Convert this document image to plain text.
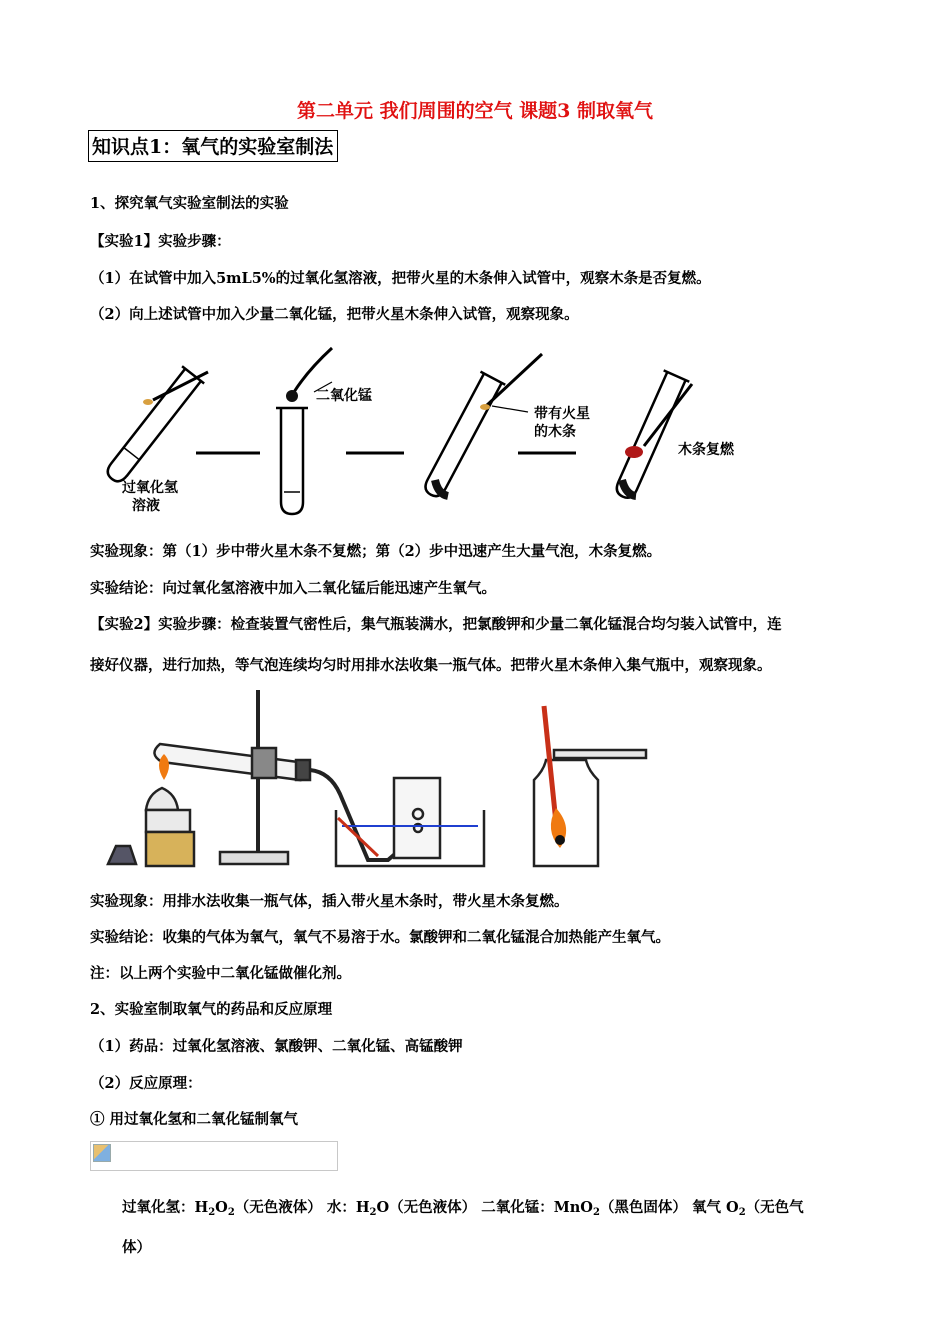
第二单元 我们周围的空气 课题3 制取氧气
知识点1：氧气的实验室制法
1、探究氧气实验室制法的实验
【实验1】实验步骤：
（1）在试管中加入5mL5%的过氧化氢溶液，把带火星的木条伸入试管中，观察木条是否复燃。
（2）向上述试管中加入少量二氧化锰，把带火星木条伸入试管，观察现象。
过氧化氢
溶液
二氧化锰
带有火星
的木条
木条复燃
实验现象：第（1）步中带火星木条不复燃；第（2）步中迅速产生大量气泡，木条复燃。
实验结论：向过氧化氢溶液中加入二氧化锰后能迅速产生氧气。
【实验2】实验步骤：检查装置气密性后，集气瓶装满水，把氯酸钾和少量二氧化锰混合均匀装入试管中，连
接好仪器，进行加热，等气泡连续均匀时用排水法收集一瓶气体。把带火星木条伸入集气瓶中，观察现象。
实验现象：用排水法收集一瓶气体，插入带火星木条时，带火星木条复燃。
实验结论：收集的气体为氧气，氧气不易溶于水。氯酸钾和二氧化锰混合加热能产生氧气。
注：以上两个实验中二氧化锰做催化剂。
2、实验室制取氧气的药品和反应原理
（1）药品：过氧化氢溶液、氯酸钾、二氧化锰、高锰酸钾
（2）反应原理：
① 用过氧化氢和二氧化锰制氧气
过氧化氢：$H_2O_2$（无色液体） 水：$H_2O$（无色液体） 二氧化锰：MnO$_2$（黑色固体） 氧气 $O_2$（无色气
体）
